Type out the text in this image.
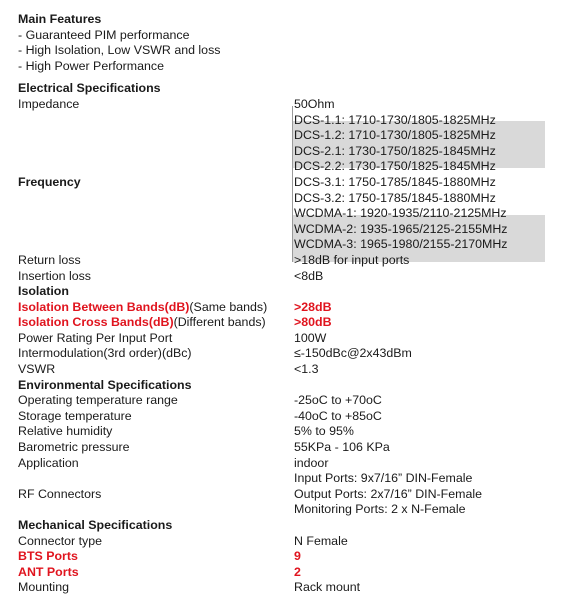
Main Features
- Guaranteed PIM performance
- High Isolation, Low VSWR and loss
- High Power Performance
Electrical Specifications
Impedance	50Ohm
DCS-1.1: 1710-1730/1805-1825MHz
DCS-1.2: 1710-1730/1805-1825MHz
DCS-2.1: 1730-1750/1825-1845MHz
DCS-2.2: 1730-1750/1825-1845MHz
Frequency	DCS-3.1: 1750-1785/1845-1880MHz
DCS-3.2: 1750-1785/1845-1880MHz
WCDMA-1: 1920-1935/2110-2125MHz
WCDMA-2: 1935-1965/2125-2155MHz
WCDMA-3: 1965-1980/2155-2170MHz
Return loss	>18dB for input ports
Insertion loss	<8dB
Isolation
Isolation Between Bands(dB)(Same bands) >28dB
Isolation Cross Bands(dB)(Different bands) >80dB
Power Rating Per Input Port	100W
Intermodulation(3rd order)(dBc)	≤-150dBc@2x43dBm
VSWR	<1.3
Environmental Specifications
Operating temperature range	-25oC to +70oC
Storage temperature	-40oC to +85oC
Relative humidity	5% to 95%
Barometric pressure	55KPa - 106 KPa
Application	indoor
Input Ports: 9x7/16” DIN-Female
RF Connectors	Output Ports: 2x7/16” DIN-Female
Monitoring Ports: 2 x N-Female
Mechanical Specifications
Connector type	N Female
BTS Ports	9
ANT Ports	2
Mounting	Rack mount
